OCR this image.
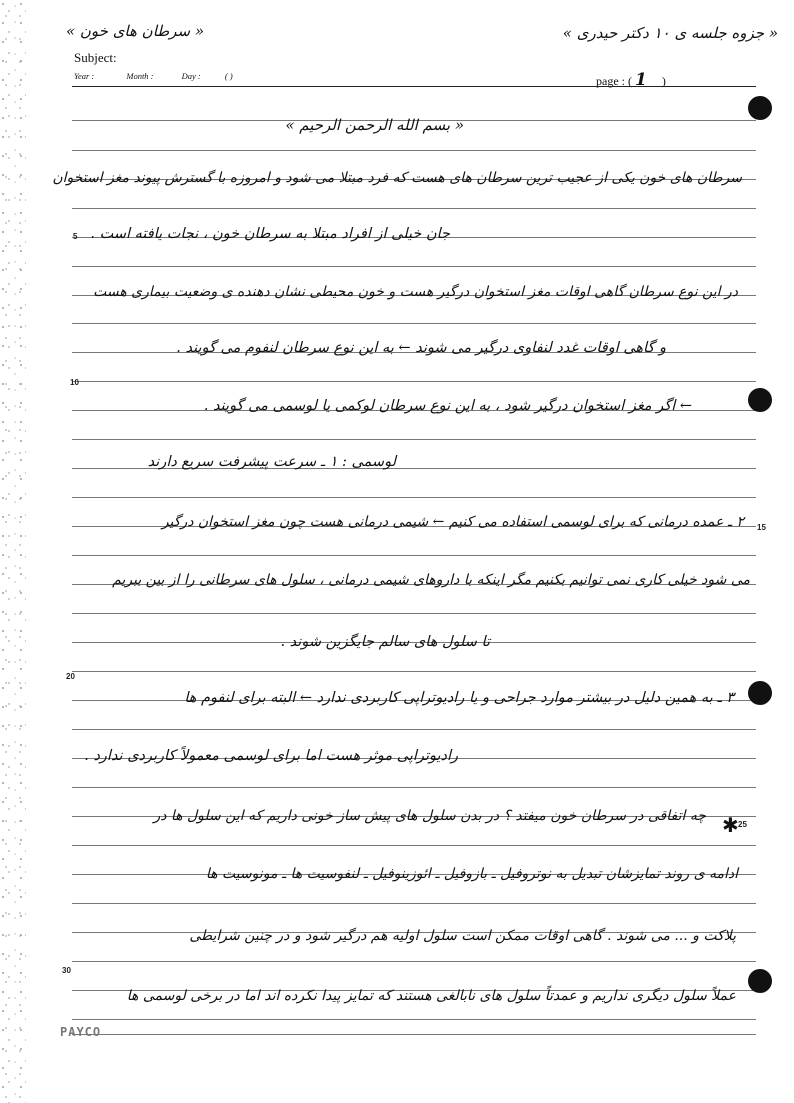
« سرطان های خون »	« جزوه جلسه ی ۱۰ دکتر حیدری »
Subject:
Year :	Month :	Day :	( )	page : ( 1 )
5
10
15
20
25
30
« بسم الله الرحمن الرحیم »
سرطان های خون یکی از عجیب ترین سرطان های هست که فرد مبتلا می شود و امروزه با گسترش پیوند مغز استخوان
جان خیلی از افراد مبتلا به سرطان خون ، نجات یافته است .
در این نوع سرطان گاهی اوقات مغز استخوان درگیر هست و خون محیطی نشان دهنده ی وضعیت بیماری هست
و گاهی اوقات غدد لنفاوی درگیر می شوند ← به این نوع سرطان لنفوم می گویند .
← اگر مغز استخوان درگیر شود ، به این نوع سرطان لوکمی یا لوسمی می گویند .
لوسمی : ۱ ـ سرعت پیشرفت سریع دارند
۲ ـ عمده درمانی که برای لوسمی استفاده می کنیم ← شیمی درمانی هست چون مغز استخوان درگیر
می شود خیلی کاری نمی توانیم بکنیم مگر اینکه با داروهای شیمی درمانی ، سلول های سرطانی را از بین ببریم
تا سلول های سالم جایگزین شوند .
۳ ـ به همین دلیل در بیشتر موارد جراحی و یا رادیوتراپی کاربردی ندارد ← البته برای لنفوم ها
رادیوتراپی موثر هست اما برای لوسمی معمولاً کاربردی ندارد .
چه اتفاقی در سرطان خون میفتد ؟ در بدن سلول های پیش ساز خونی داریم که این سلول ها در ✱
ادامه ی روند تمایزشان تبدیل به نوتروفیل ـ بازوفیل ـ ائوزینوفیل ـ لنفوسیت ها ـ مونوسیت ها
پلاکت و ... می شوند . گاهی اوقات ممکن است سلول اولیه هم درگیر شود و در چنین شرایطی
عملاً سلول دیگری نداریم و عمدتاً سلول های نابالغی هستند که تمایز پیدا نکرده اند اما در برخی لوسمی ها
PAYCO
